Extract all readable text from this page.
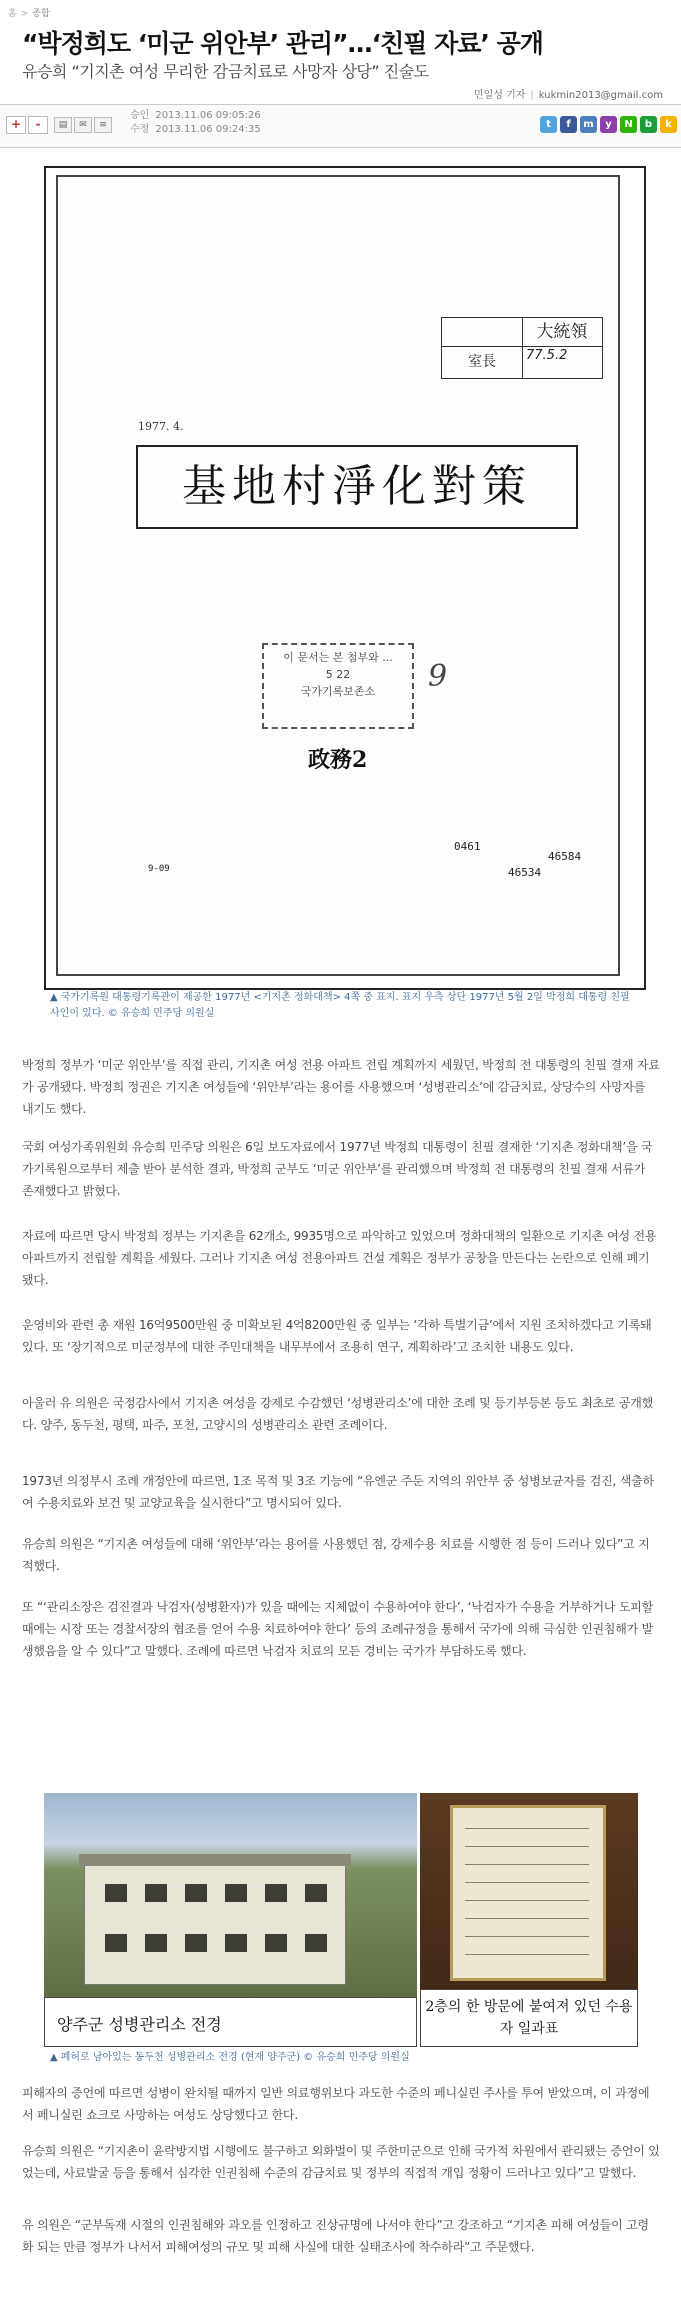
홈 > 종합
“박정희도 ‘미군 위안부’ 관리”…‘친필 자료’ 공개
유승희 “기지촌 여성 무리한 감금치료로 사망자 상당” 진술도
민일성 기자 | kukmin2013@gmail.com
+	-	▤	✉	≡
승인 2013.11.06 09:05:26
수정 2013.11.06 09:24:35	t	f	m	y	N	b	k
大統領
室長	77.5.2
1977. 4.
基地村淨化對策
이 문서는 본 첨부와 ...
5 22
국가기록보존소	9
政務2
0461
46584
46534
9-09
▲ 국가기록원 대통령기록관이 제공한 1977년 <기지촌 정화대책> 4쪽 중 표지. 표지 우측 상단 1977년 5월 2일 박정희 대통령 친필 사인이 있다. © 유승희 민주당 의원실

박정희 정부가 ‘미군 위안부’를 직접 관리, 기지촌 여성 전용 아파트 전립 계획까지 세웠던, 박정희 전 대통령의 친필 결재 자료가 공개됐다. 박정희 정권은 기지촌 여성들에 ‘위안부’라는 용어를 사용했으며 ‘성병관리소’에 감금치료, 상당수의 사망자를 내기도 했다.

국회 여성가족위원회 유승희 민주당 의원은 6일 보도자료에서 1977년 박정희 대통령이 친필 결재한 ‘기지촌 정화대책’을 국가기록원으로부터 제출 받아 분석한 결과, 박정희 군부도 ‘미군 위안부’를 관리했으며 박정희 전 대통령의 친필 결재 서류가 존재했다고 밝혔다.

자료에 따르면 당시 박정희 정부는 기지촌을 62개소, 9935명으로 파악하고 있었으며 정화대책의 일환으로 기지촌 여성 전용아파트까지 전립할 계획을 세웠다. 그러나 기지촌 여성 전용아파트 건설 계획은 정부가 공창을 만든다는 논란으로 인해 폐기됐다.

운영비와 관련 총 재원 16억9500만원 중 미확보된 4억8200만원 중 일부는 ‘각하 특별기금’에서 지원 조치하겠다고 기록돼 있다. 또 ‘장기적으로 미군정부에 대한 주민대책을 내무부에서 조용히 연구, 계획하라’고 조치한 내용도 있다.

아울러 유 의원은 국정감사에서 기지촌 여성을 강제로 수감했던 ‘성병관리소’에 대한 조례 및 등기부등본 등도 최초로 공개했다. 양주, 동두천, 평택, 파주, 포천, 고양시의 성병관리소 관련 조례이다.

1973년 의정부시 조례 개정안에 따르면, 1조 목적 및 3조 기능에 “유엔군 주둔 지역의 위안부 중 성병보균자를 검진, 색출하여 수용치료와 보건 및 교양교육을 실시한다”고 명시되어 있다.

유승희 의원은 “기지촌 여성들에 대해 ‘위안부’라는 용어를 사용했던 점, 강제수용 치료를 시행한 점 등이 드러나 있다”고 지적했다.

또 “‘관리소장은 검진결과 낙검자(성병환자)가 있을 때에는 지체없이 수용하여야 한다’, ‘낙검자가 수용을 거부하거나 도피할 때에는 시장 또는 경찰서장의 협조를 얻어 수용 치료하여야 한다’ 등의 조례규정을 통해서 국가에 의해 극심한 인권침해가 발생했음을 알 수 있다”고 말했다. 조례에 따르면 낙검자 치료의 모든 경비는 국가가 부담하도록 했다.

양주군 성병관리소 전경
2층의 한 방문에 붙여져 있던 수용자 일과표
▲ 폐허로 남아있는 동두천 성병관리소 전경 (현재 양주군) © 유승희 민주당 의원실

피해자의 증언에 따르면 성병이 완치될 때까지 일반 의료행위보다 과도한 수준의 페니실린 주사를 투여 받았으며, 이 과정에서 페니실린 쇼크로 사망하는 여성도 상당했다고 한다.

유승희 의원은 “기지촌이 윤락방지법 시행에도 불구하고 외화벌이 및 주한미군으로 인해 국가적 차원에서 관리됐는 증언이 있었는데, 사료발굴 등을 통해서 심각한 인권침해 수준의 감금치료 및 정부의 직접적 개입 정황이 드러나고 있다”고 말했다.

유 의원은 “군부독재 시절의 인권침해와 과오를 인정하고 진상규명에 나서야 한다”고 강조하고 “기지촌 피해 여성들이 고령화 되는 만큼 정부가 나서서 피해여성의 규모 및 피해 사실에 대한 실태조사에 착수하라”고 주문했다.
